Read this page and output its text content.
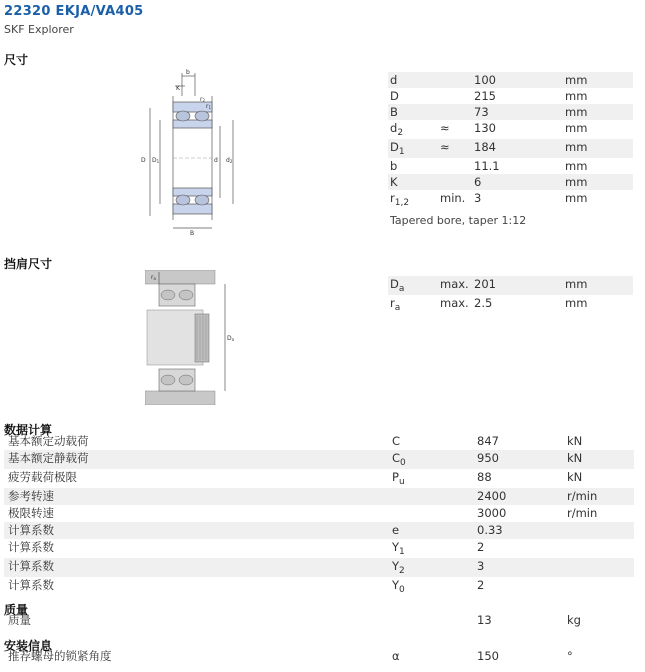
22320 EKJA/VA405
SKF Explorer
尺寸
b
K
r2
r1
D D1	d d2
B
d	100	mm
D	215	mm
B	73	mm
$d_2$	≈ 130	mm
$D_1$	≈ 184	mm
b	11.1	mm
K	6	mm
$r_{1,2}$	min. 3	mm
Tapered bore, taper 1:12
挡肩尺寸
ra
Da
$D_a$	max. 201	mm
$r_a$	max. 2.5	mm
数据计算
基本额定动载荷	C	847	kN
基本额定静载荷	$C_0$	950	kN
疲劳载荷极限	$P_u$	88	kN
参考转速	2400	r/min
极限转速	3000	r/min
计算系数	e	0.33
计算系数	$Y_1$	2
计算系数	$Y_2$	3
计算系数	$Y_0$	2
质量
质量	13	kg
安装信息
推荐螺母的锁紧角度	α	150	°
